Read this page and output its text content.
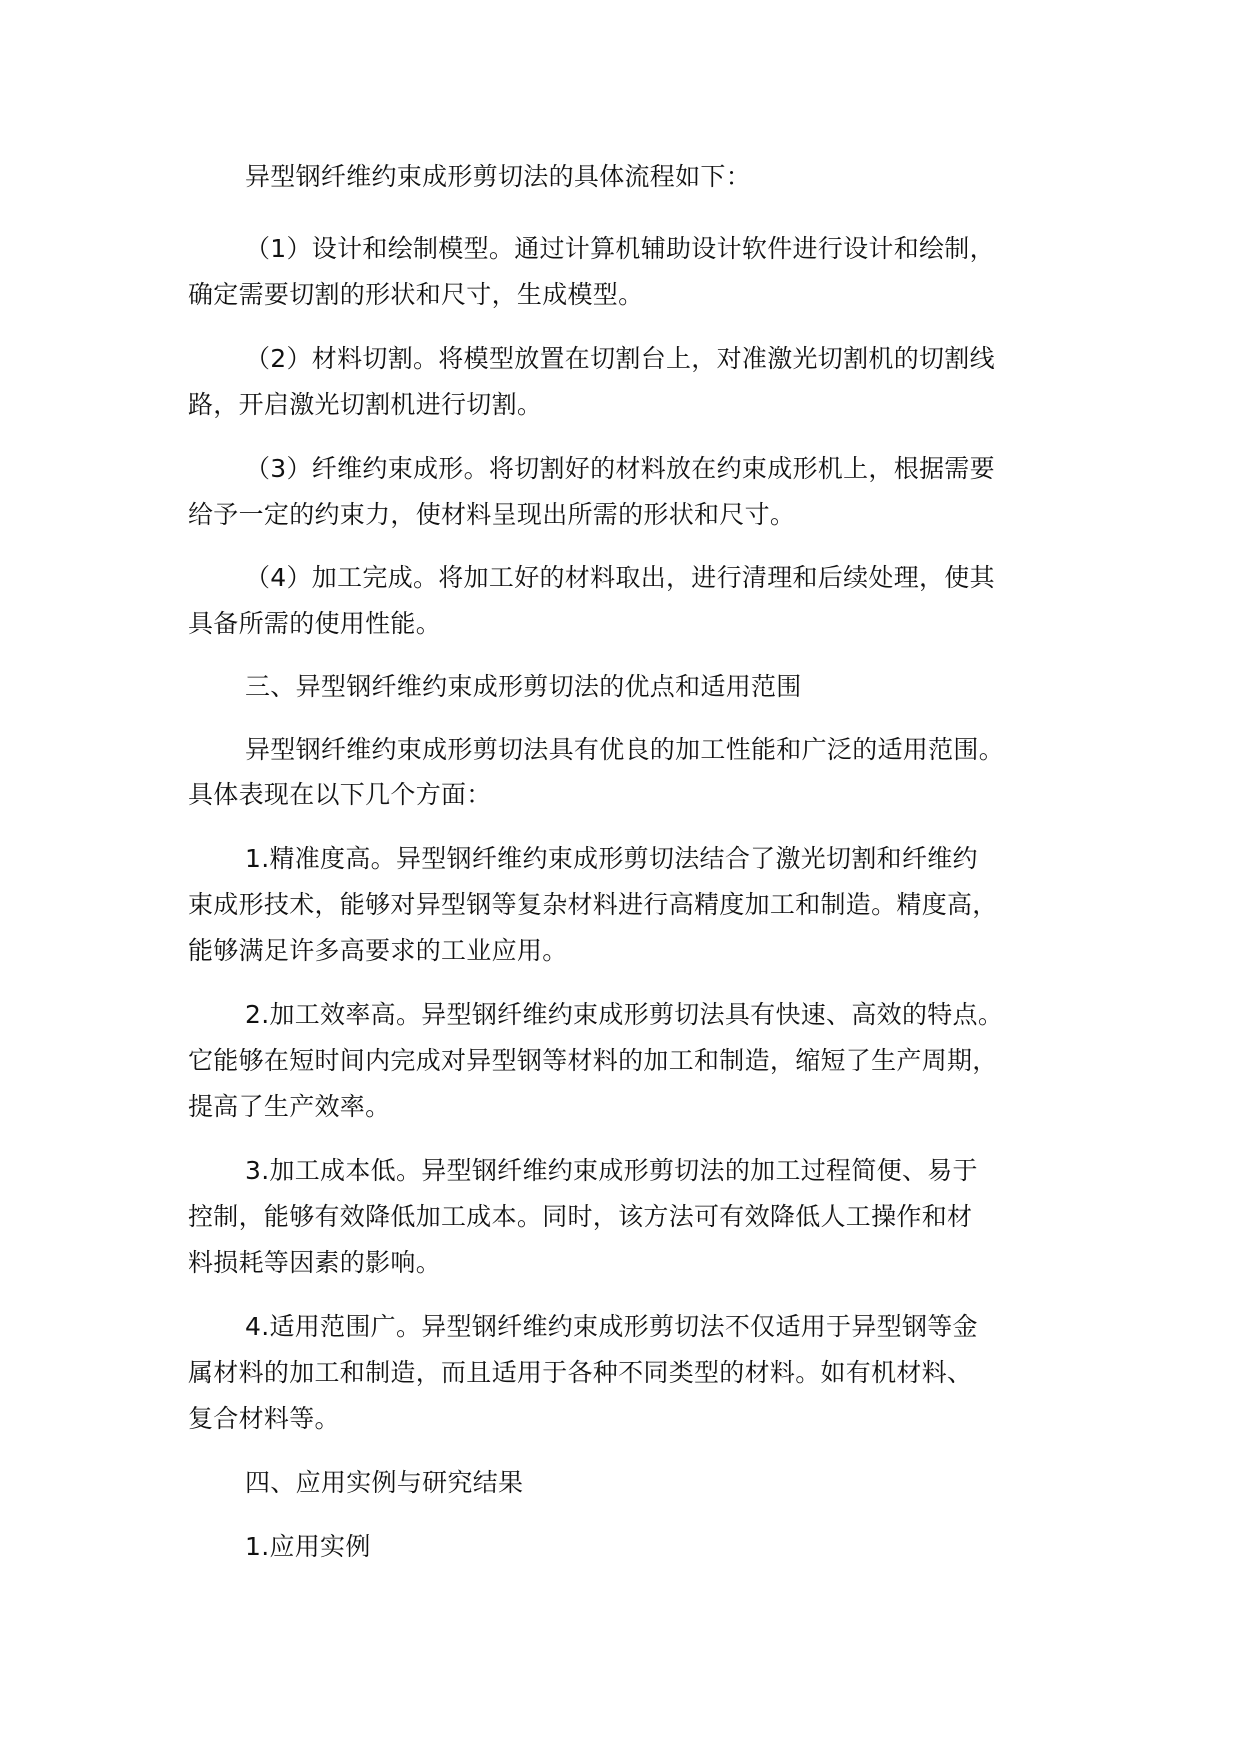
异型钢纤维约束成形剪切法的具体流程如下：
（1）设计和绘制模型。通过计算机辅助设计软件进行设计和绘制，
确定需要切割的形状和尺寸，生成模型。
（2）材料切割。将模型放置在切割台上，对准激光切割机的切割线
路，开启激光切割机进行切割。
（3）纤维约束成形。将切割好的材料放在约束成形机上，根据需要
给予一定的约束力，使材料呈现出所需的形状和尺寸。
（4）加工完成。将加工好的材料取出，进行清理和后续处理，使其
具备所需的使用性能。
三、异型钢纤维约束成形剪切法的优点和适用范围
异型钢纤维约束成形剪切法具有优良的加工性能和广泛的适用范围。
具体表现在以下几个方面：
1.精准度高。异型钢纤维约束成形剪切法结合了激光切割和纤维约
束成形技术，能够对异型钢等复杂材料进行高精度加工和制造。精度高，
能够满足许多高要求的工业应用。
2.加工效率高。异型钢纤维约束成形剪切法具有快速、高效的特点。
它能够在短时间内完成对异型钢等材料的加工和制造，缩短了生产周期，
提高了生产效率。
3.加工成本低。异型钢纤维约束成形剪切法的加工过程简便、易于
控制，能够有效降低加工成本。同时，该方法可有效降低人工操作和材
料损耗等因素的影响。
4.适用范围广。异型钢纤维约束成形剪切法不仅适用于异型钢等金
属材料的加工和制造，而且适用于各种不同类型的材料。如有机材料、
复合材料等。
四、应用实例与研究结果
1.应用实例
